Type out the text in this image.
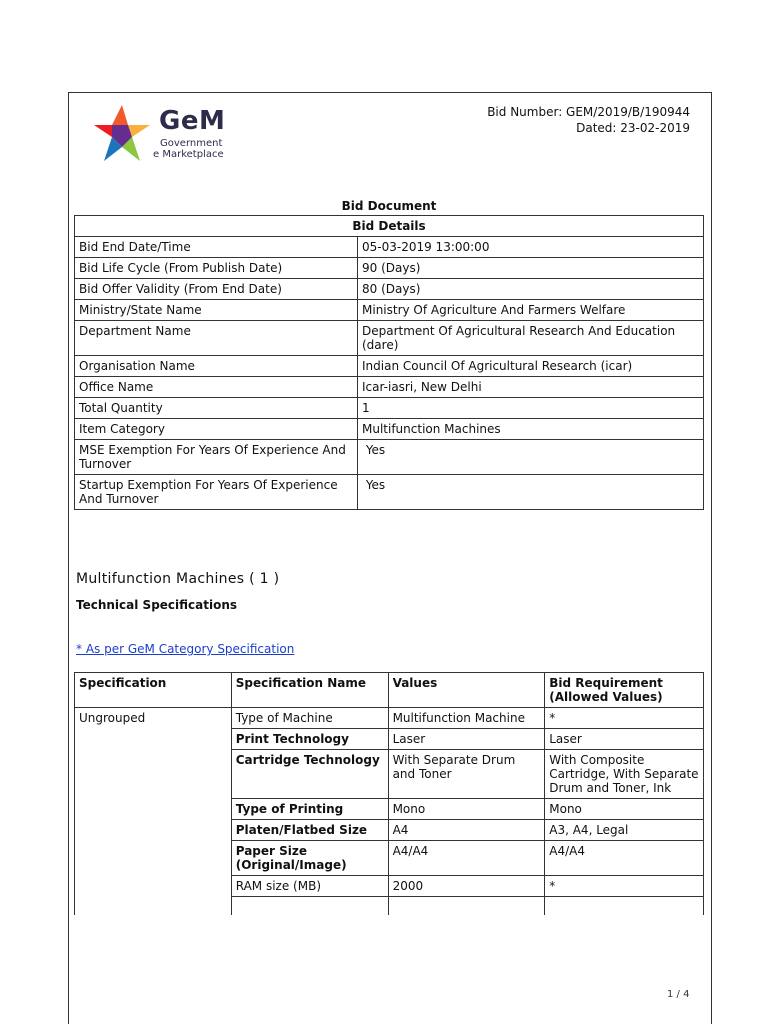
GeM
Government
e Marketplace
Bid Number: GEM/2019/B/190944
Dated: 23-02-2019
Bid Document
Bid Details	
Bid End Date/Time	05-03-2019 13:00:00
Bid Life Cycle (From Publish Date)	90 (Days)
Bid Offer Validity (From End Date)	80 (Days)
Ministry/State Name	Ministry Of Agriculture And Farmers Welfare
Department Name	Department Of Agricultural Research And Education (dare)
Organisation Name	Indian Council Of Agricultural Research (icar)
Office Name	Icar-iasri, New Delhi
Total Quantity	1
Item Category	Multifunction Machines
MSE Exemption For Years Of Experience And Turnover	Yes
Startup Exemption For Years Of Experience And Turnover	Yes
Multifunction Machines ( 1 )
Technical Specifications
* As per GeM Category Specification
Specification	Specification Name	Values	Bid Requirement (Allowed Values)
Ungrouped	Type of Machine	Multifunction Machine	*
	Print Technology	Laser	Laser
	Cartridge Technology	With Separate Drum and Toner	With Composite Cartridge, With Separate Drum and Toner, Ink
	Type of Printing	Mono	Mono
	Platen/Flatbed Size	A4	A3, A4, Legal
	Paper Size (Original/Image)	A4/A4	A4/A4
	RAM size (MB)	2000	*

1 / 4
